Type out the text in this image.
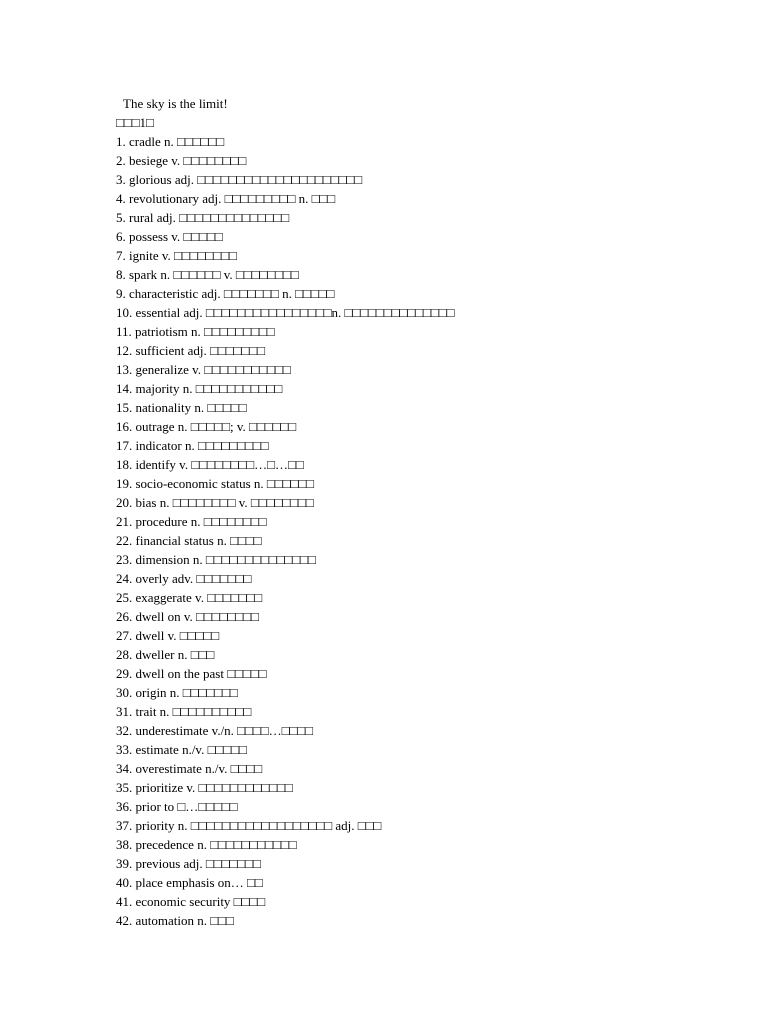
The sky is the limit!
□□□1□
1. cradle n. □□□□□□
2. besiege v. □□□□□□□□
3. glorious adj. □□□□□□□□□□□□□□□□□□□□□
4. revolutionary adj. □□□□□□□□□ n. □□□
5. rural adj. □□□□□□□□□□□□□□
6. possess v. □□□□□
7. ignite v. □□□□□□□□
8. spark n. □□□□□□ v. □□□□□□□□
9. characteristic adj. □□□□□□□ n. □□□□□
10. essential adj. □□□□□□□□□□□□□□□□n. □□□□□□□□□□□□□□
11. patriotism n. □□□□□□□□□
12. sufficient adj. □□□□□□□
13. generalize v. □□□□□□□□□□□
14. majority n. □□□□□□□□□□□
15. nationality n. □□□□□
16. outrage n. □□□□□; v. □□□□□□
17. indicator n. □□□□□□□□□
18. identify v. □□□□□□□□…□…□□
19. socio-economic status n. □□□□□□
20. bias n. □□□□□□□□ v. □□□□□□□□
21. procedure n. □□□□□□□□
22. financial status n. □□□□
23. dimension n. □□□□□□□□□□□□□□
24. overly adv. □□□□□□□
25. exaggerate v. □□□□□□□
26. dwell on v. □□□□□□□□
27. dwell v. □□□□□
28. dweller n. □□□
29. dwell on the past □□□□□
30. origin n. □□□□□□□
31. trait n. □□□□□□□□□□
32. underestimate v./n. □□□□…□□□□
33. estimate n./v. □□□□□
34. overestimate n./v. □□□□
35. prioritize v. □□□□□□□□□□□□
36. prior to □…□□□□□
37. priority n. □□□□□□□□□□□□□□□□□□ adj. □□□
38. precedence n. □□□□□□□□□□□
39. previous adj. □□□□□□□
40. place emphasis on… □□
41. economic security □□□□
42. automation n. □□□
